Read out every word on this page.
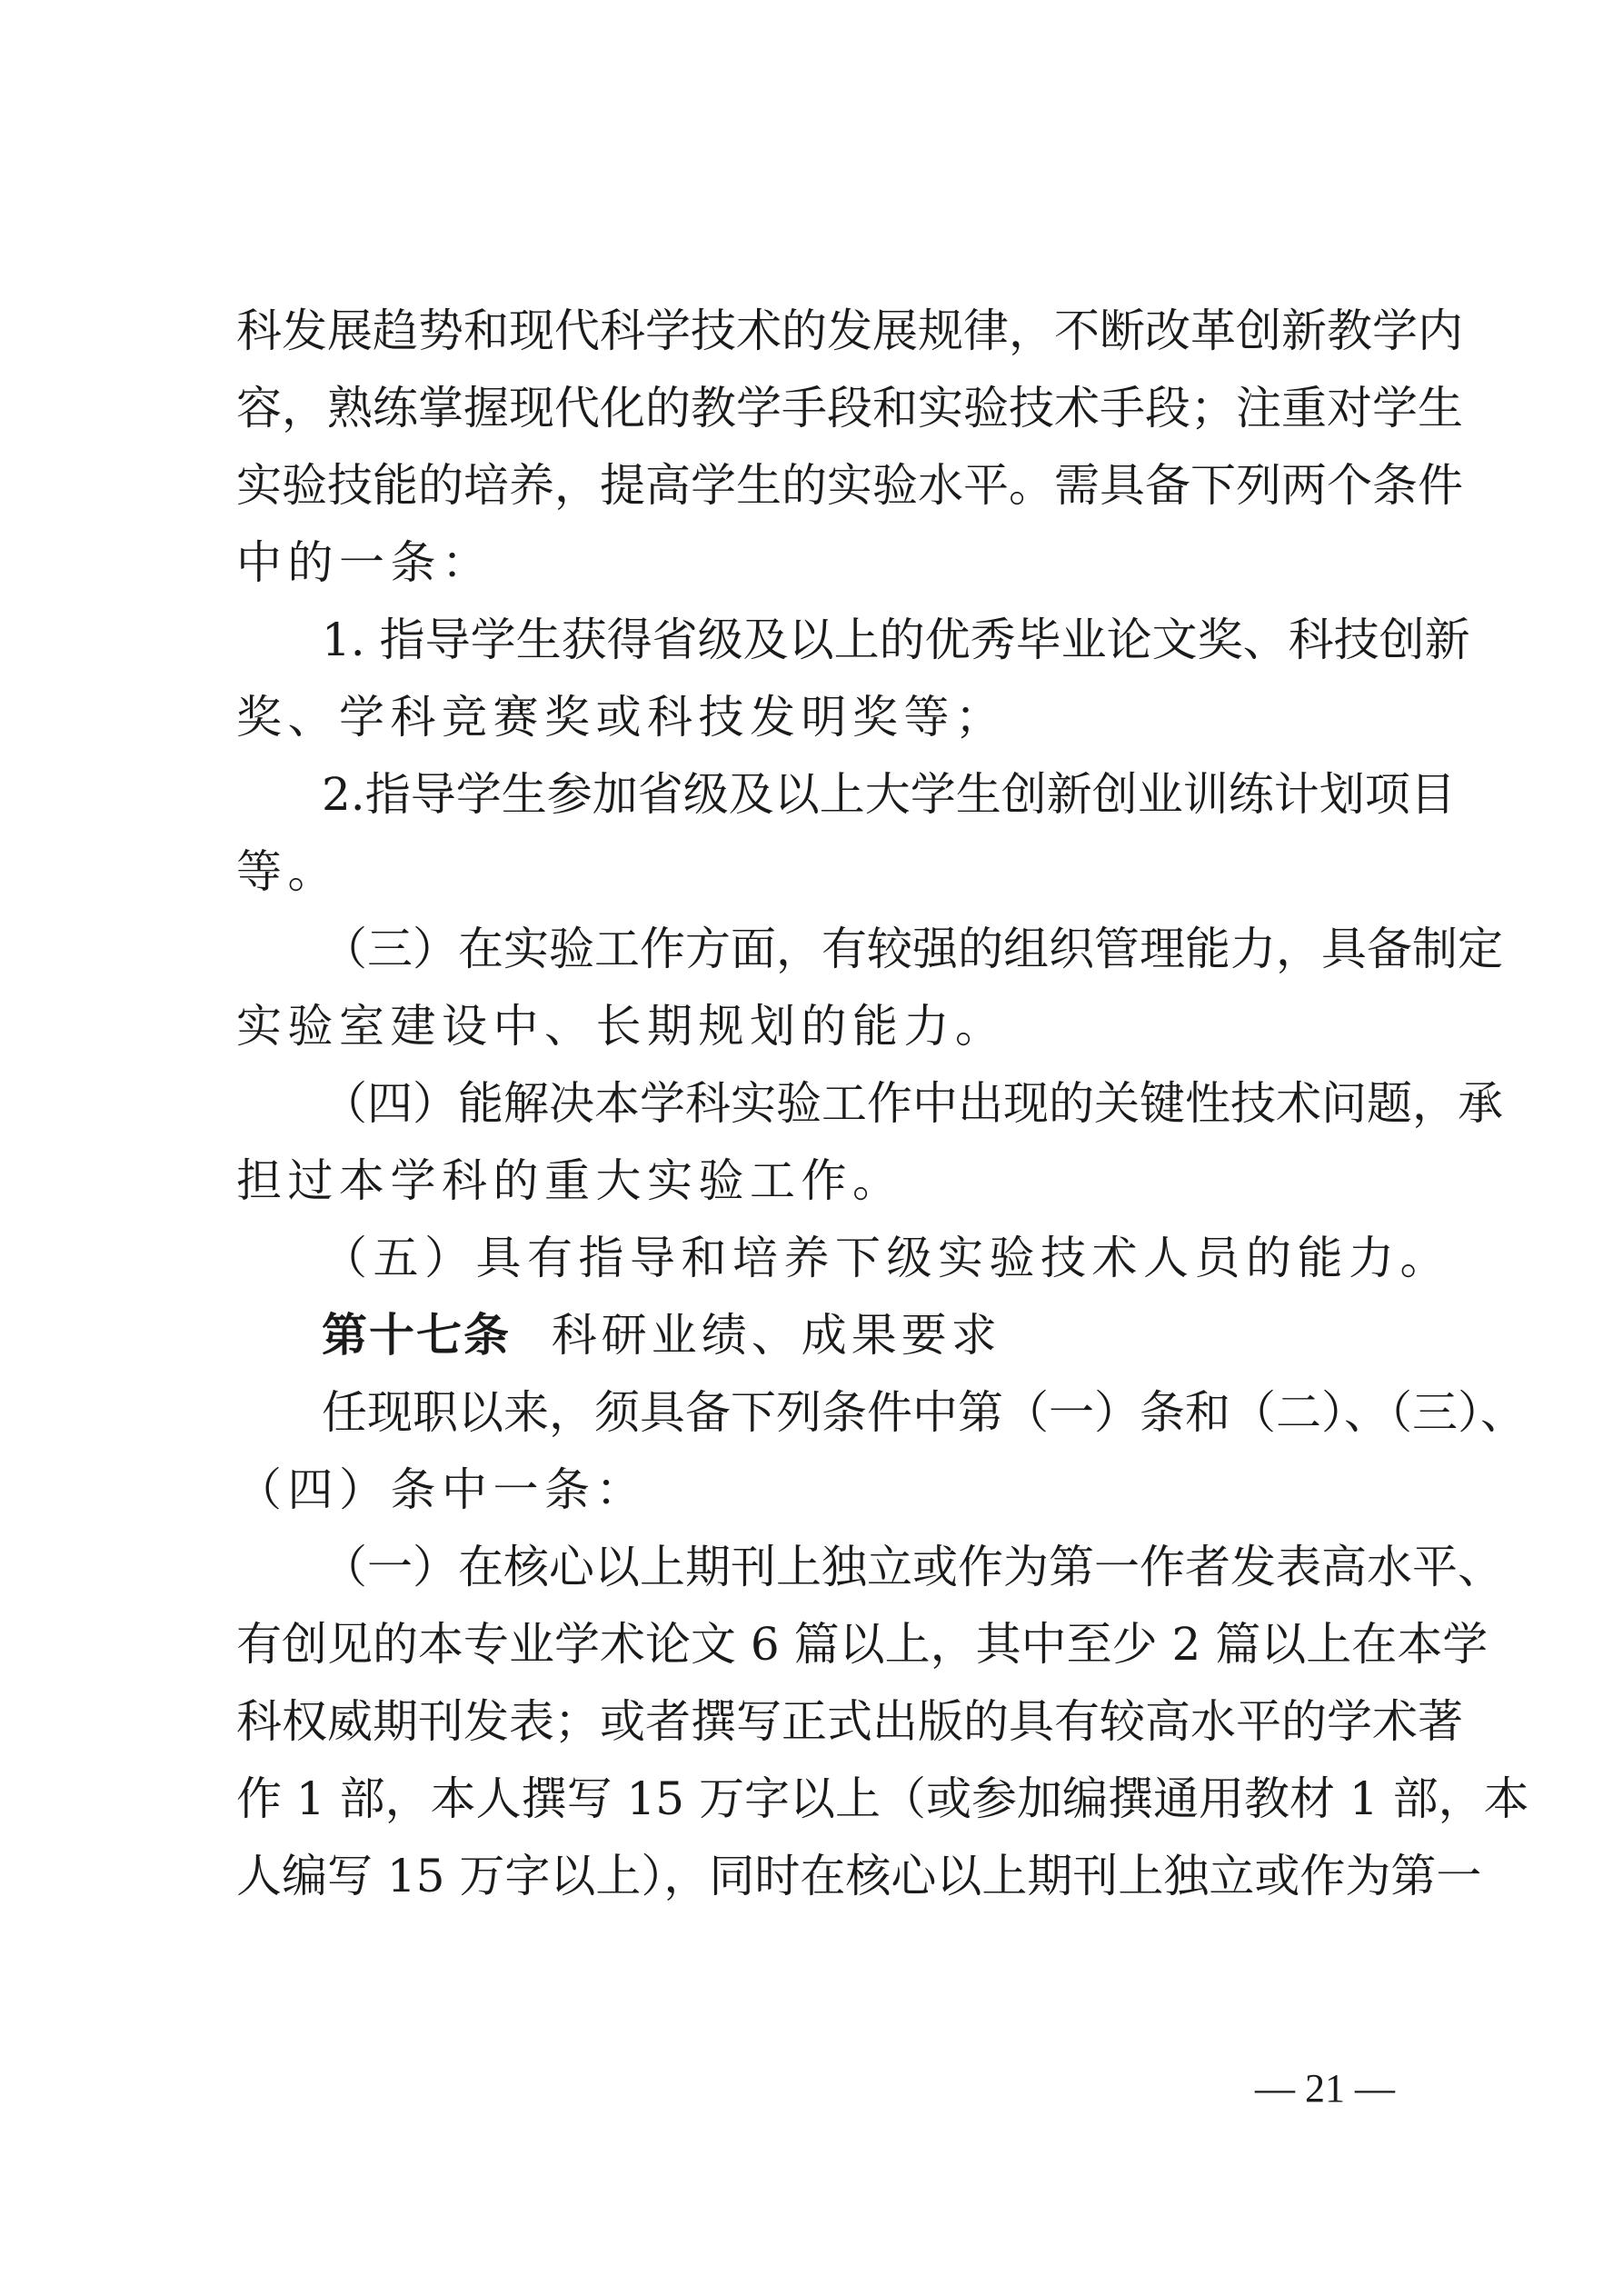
科发展趋势和现代科学技术的发展规律，不断改革创新教学内
容，熟练掌握现代化的教学手段和实验技术手段；注重对学生
实验技能的培养，提高学生的实验水平。需具备下列两个条件
中的一条：
1. 指导学生获得省级及以上的优秀毕业论文奖、科技创新
奖、学科竞赛奖或科技发明奖等；
2.指导学生参加省级及以上大学生创新创业训练计划项目
等。
（三）在实验工作方面，有较强的组织管理能力，具备制定
实验室建设中、长期规划的能力。
（四）能解决本学科实验工作中出现的关键性技术问题，承
担过本学科的重大实验工作。
（五）具有指导和培养下级实验技术人员的能力。
第十七条 科研业绩、成果要求
任现职以来，须具备下列条件中第（一）条和（二）、（三）、
（四）条中一条：
（一）在核心以上期刊上独立或作为第一作者发表高水平、
有创见的本专业学术论文 6 篇以上，其中至少 2 篇以上在本学
科权威期刊发表；或者撰写正式出版的具有较高水平的学术著
作 1 部，本人撰写 15 万字以上（或参加编撰通用教材 1 部，本
人编写 15 万字以上），同时在核心以上期刊上独立或作为第一
— 21 —
